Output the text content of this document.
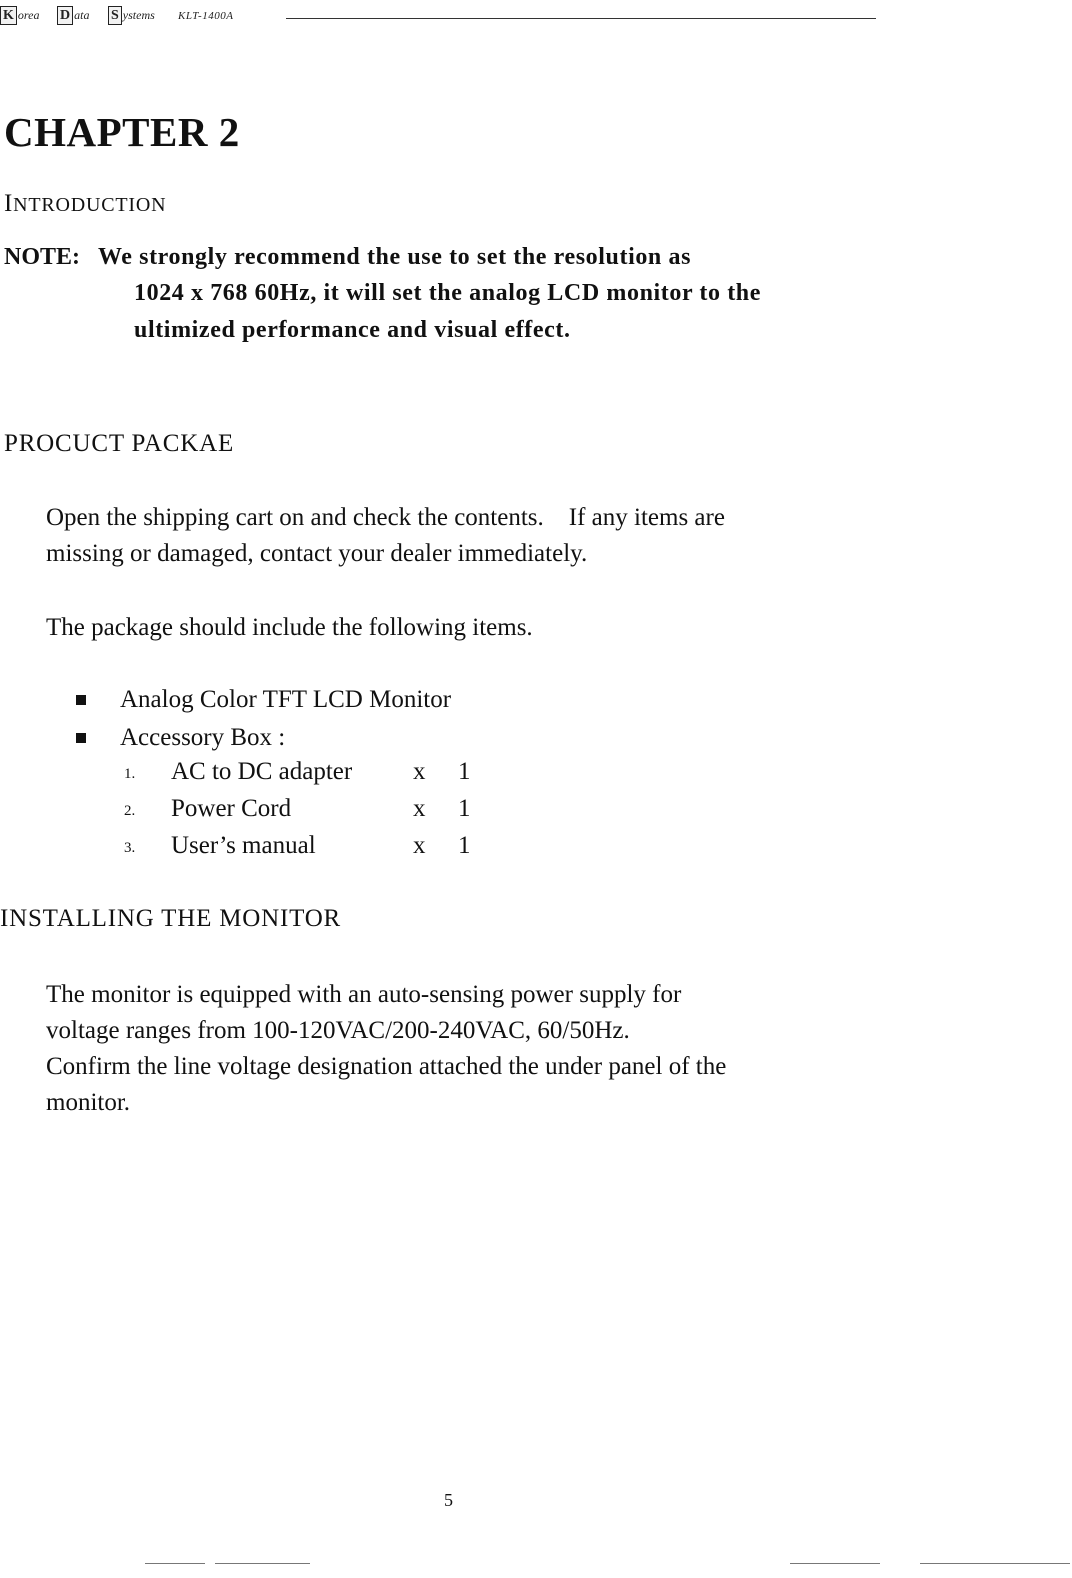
K orea D ata S ystems KLT-1400A
CHAPTER 2
INTRODUCTION
NOTE: We strongly recommend the use to set the resolution as
1024 x 768 60Hz, it will set the analog LCD monitor to the
ultimized performance and visual effect.
PROCUCT PACKAE

Open the shipping cart on and check the contents.    If any items are

missing or damaged, contact your dealer immediately.

The package should include the following items.
Analog Color TFT LCD Monitor
Accessory Box :
1. AC to DC adapter x 1
2. Power Cord	x 1
3. User’s manual	x 1
INSTALLING THE MONITOR

The monitor is equipped with an auto-sensing power supply for

voltage ranges from 100-120VAC/200-240VAC, 60/50Hz.

Confirm the line voltage designation attached the under panel of the

monitor.

5
